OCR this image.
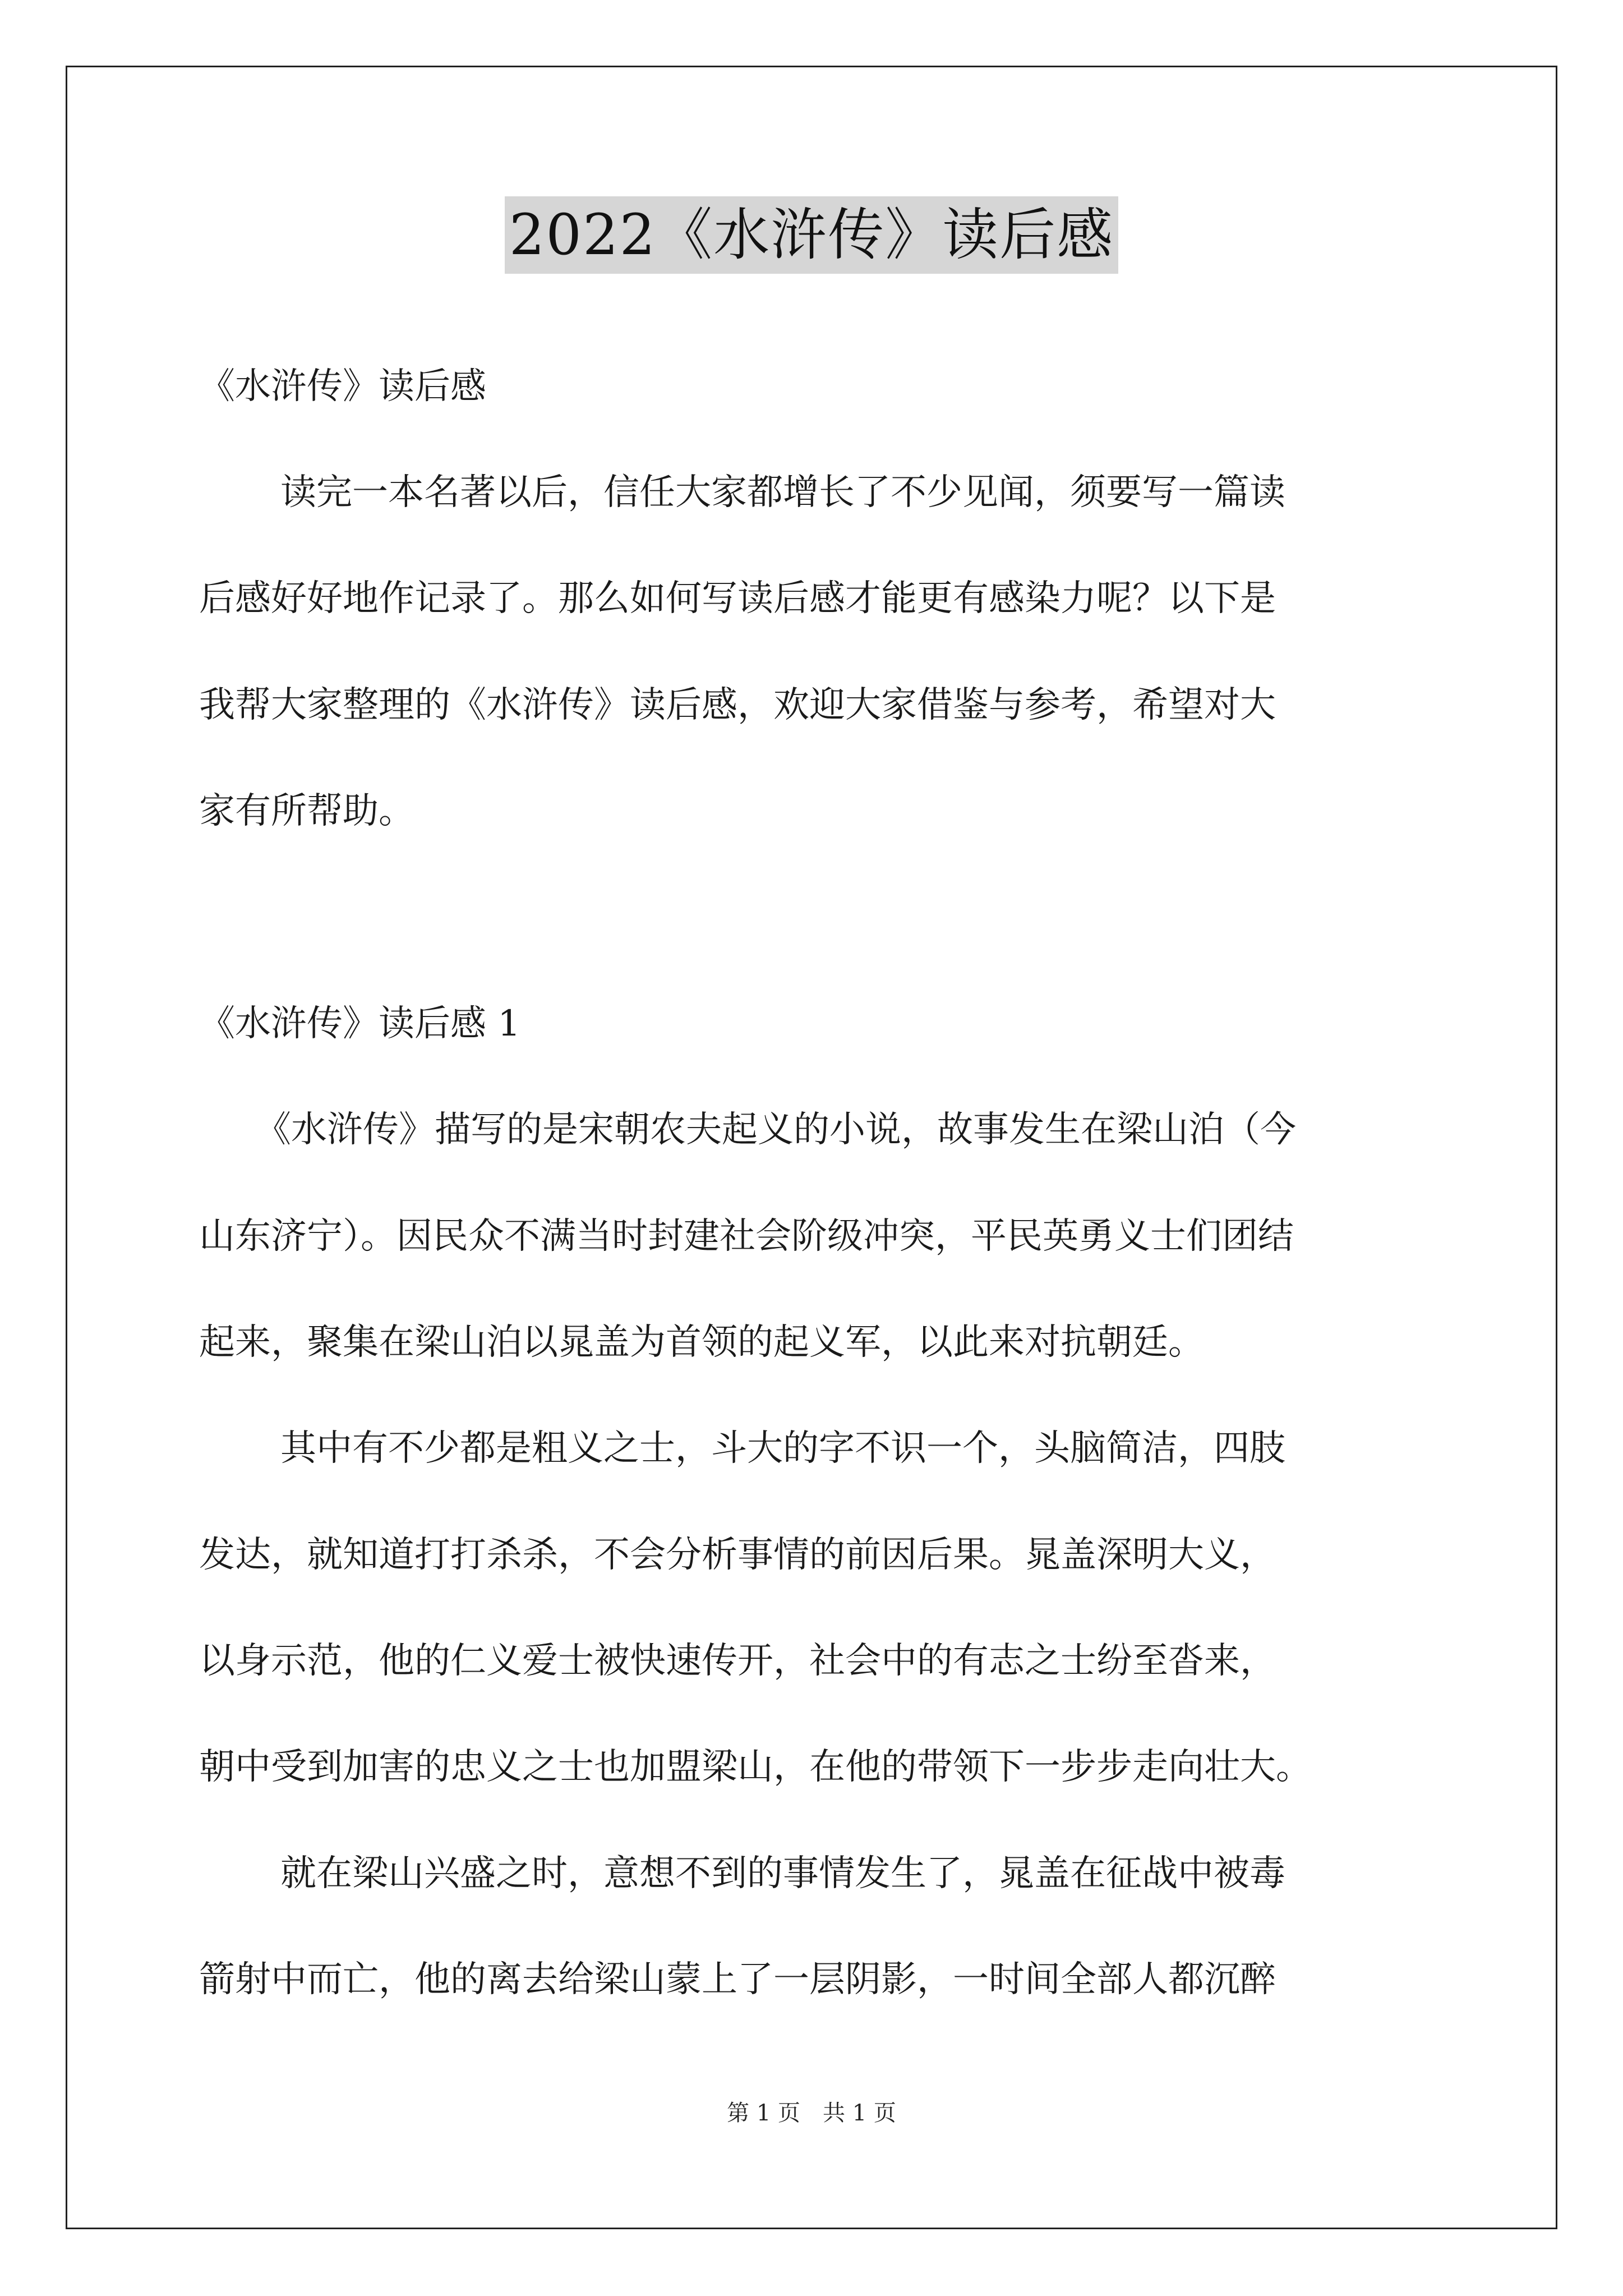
2022《水浒传》读后感
《水浒传》读后感
读完一本名著以后，信任大家都增长了不少见闻，须要写一篇读
后感好好地作记录了。那么如何写读后感才能更有感染力呢？以下是
我帮大家整理的《水浒传》读后感，欢迎大家借鉴与参考，希望对大
家有所帮助。
《水浒传》读后感 1
《水浒传》描写的是宋朝农夫起义的小说，故事发生在梁山泊（今
山东济宁）。因民众不满当时封建社会阶级冲突，平民英勇义士们团结
起来，聚集在梁山泊以晁盖为首领的起义军，以此来对抗朝廷。
其中有不少都是粗义之士，斗大的字不识一个，头脑简洁，四肢
发达，就知道打打杀杀，不会分析事情的前因后果。晁盖深明大义，
以身示范，他的仁义爱士被快速传开，社会中的有志之士纷至沓来，
朝中受到加害的忠义之士也加盟梁山，在他的带领下一步步走向壮大。
就在梁山兴盛之时，意想不到的事情发生了，晁盖在征战中被毒
箭射中而亡，他的离去给梁山蒙上了一层阴影，一时间全部人都沉醉
第 1 页　共 1 页
